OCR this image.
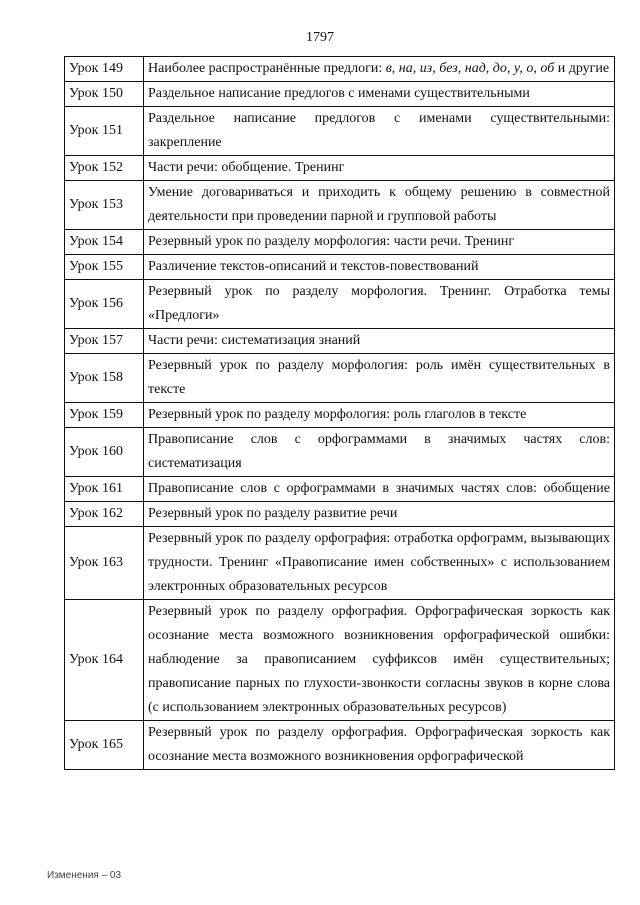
1797
Урок 149	Наиболее распространённые предлоги: в, на, из, без, над, до, у, о, об и другие
Урок 150	Раздельное написание предлогов с именами существительными
Урок 151	Раздельное написание предлогов с именами существительными: закрепление
Урок 152	Части речи: обобщение. Тренинг
Урок 153	Умение договариваться и приходить к общему решению в совместной деятельности при проведении парной и групповой работы
Урок 154	Резервный урок по разделу морфология: части речи. Тренинг
Урок 155	Различение текстов-описаний и текстов-повествований
Урок 156	Резервный урок по разделу морфология. Тренинг. Отработка темы «Предлоги»
Урок 157	Части речи: систематизация знаний
Урок 158	Резервный урок по разделу морфология: роль имён существительных в тексте
Урок 159	Резервный урок по разделу морфология: роль глаголов в тексте
Урок 160	Правописание слов с орфограммами в значимых частях слов: систематизация
Урок 161	Правописание слов с орфограммами в значимых частях слов: обобщение
Урок 162	Резервный урок по разделу развитие речи
Урок 163	Резервный урок по разделу орфография: отработка орфограмм, вызывающих трудности. Тренинг «Правописание имен собственных» с использованием электронных образовательных ресурсов
Урок 164	Резервный урок по разделу орфография. Орфографическая зоркость как осознание места возможного возникновения орфографической ошибки: наблюдение за правописанием суффиксов имён существительных; правописание парных по глухости-звонкости согласны звуков в корне слова (с использованием электронных образовательных ресурсов)
Урок 165	Резервный урок по разделу орфография. Орфографическая зоркость как осознание места возможного возникновения орфографической
Изменения – 03
